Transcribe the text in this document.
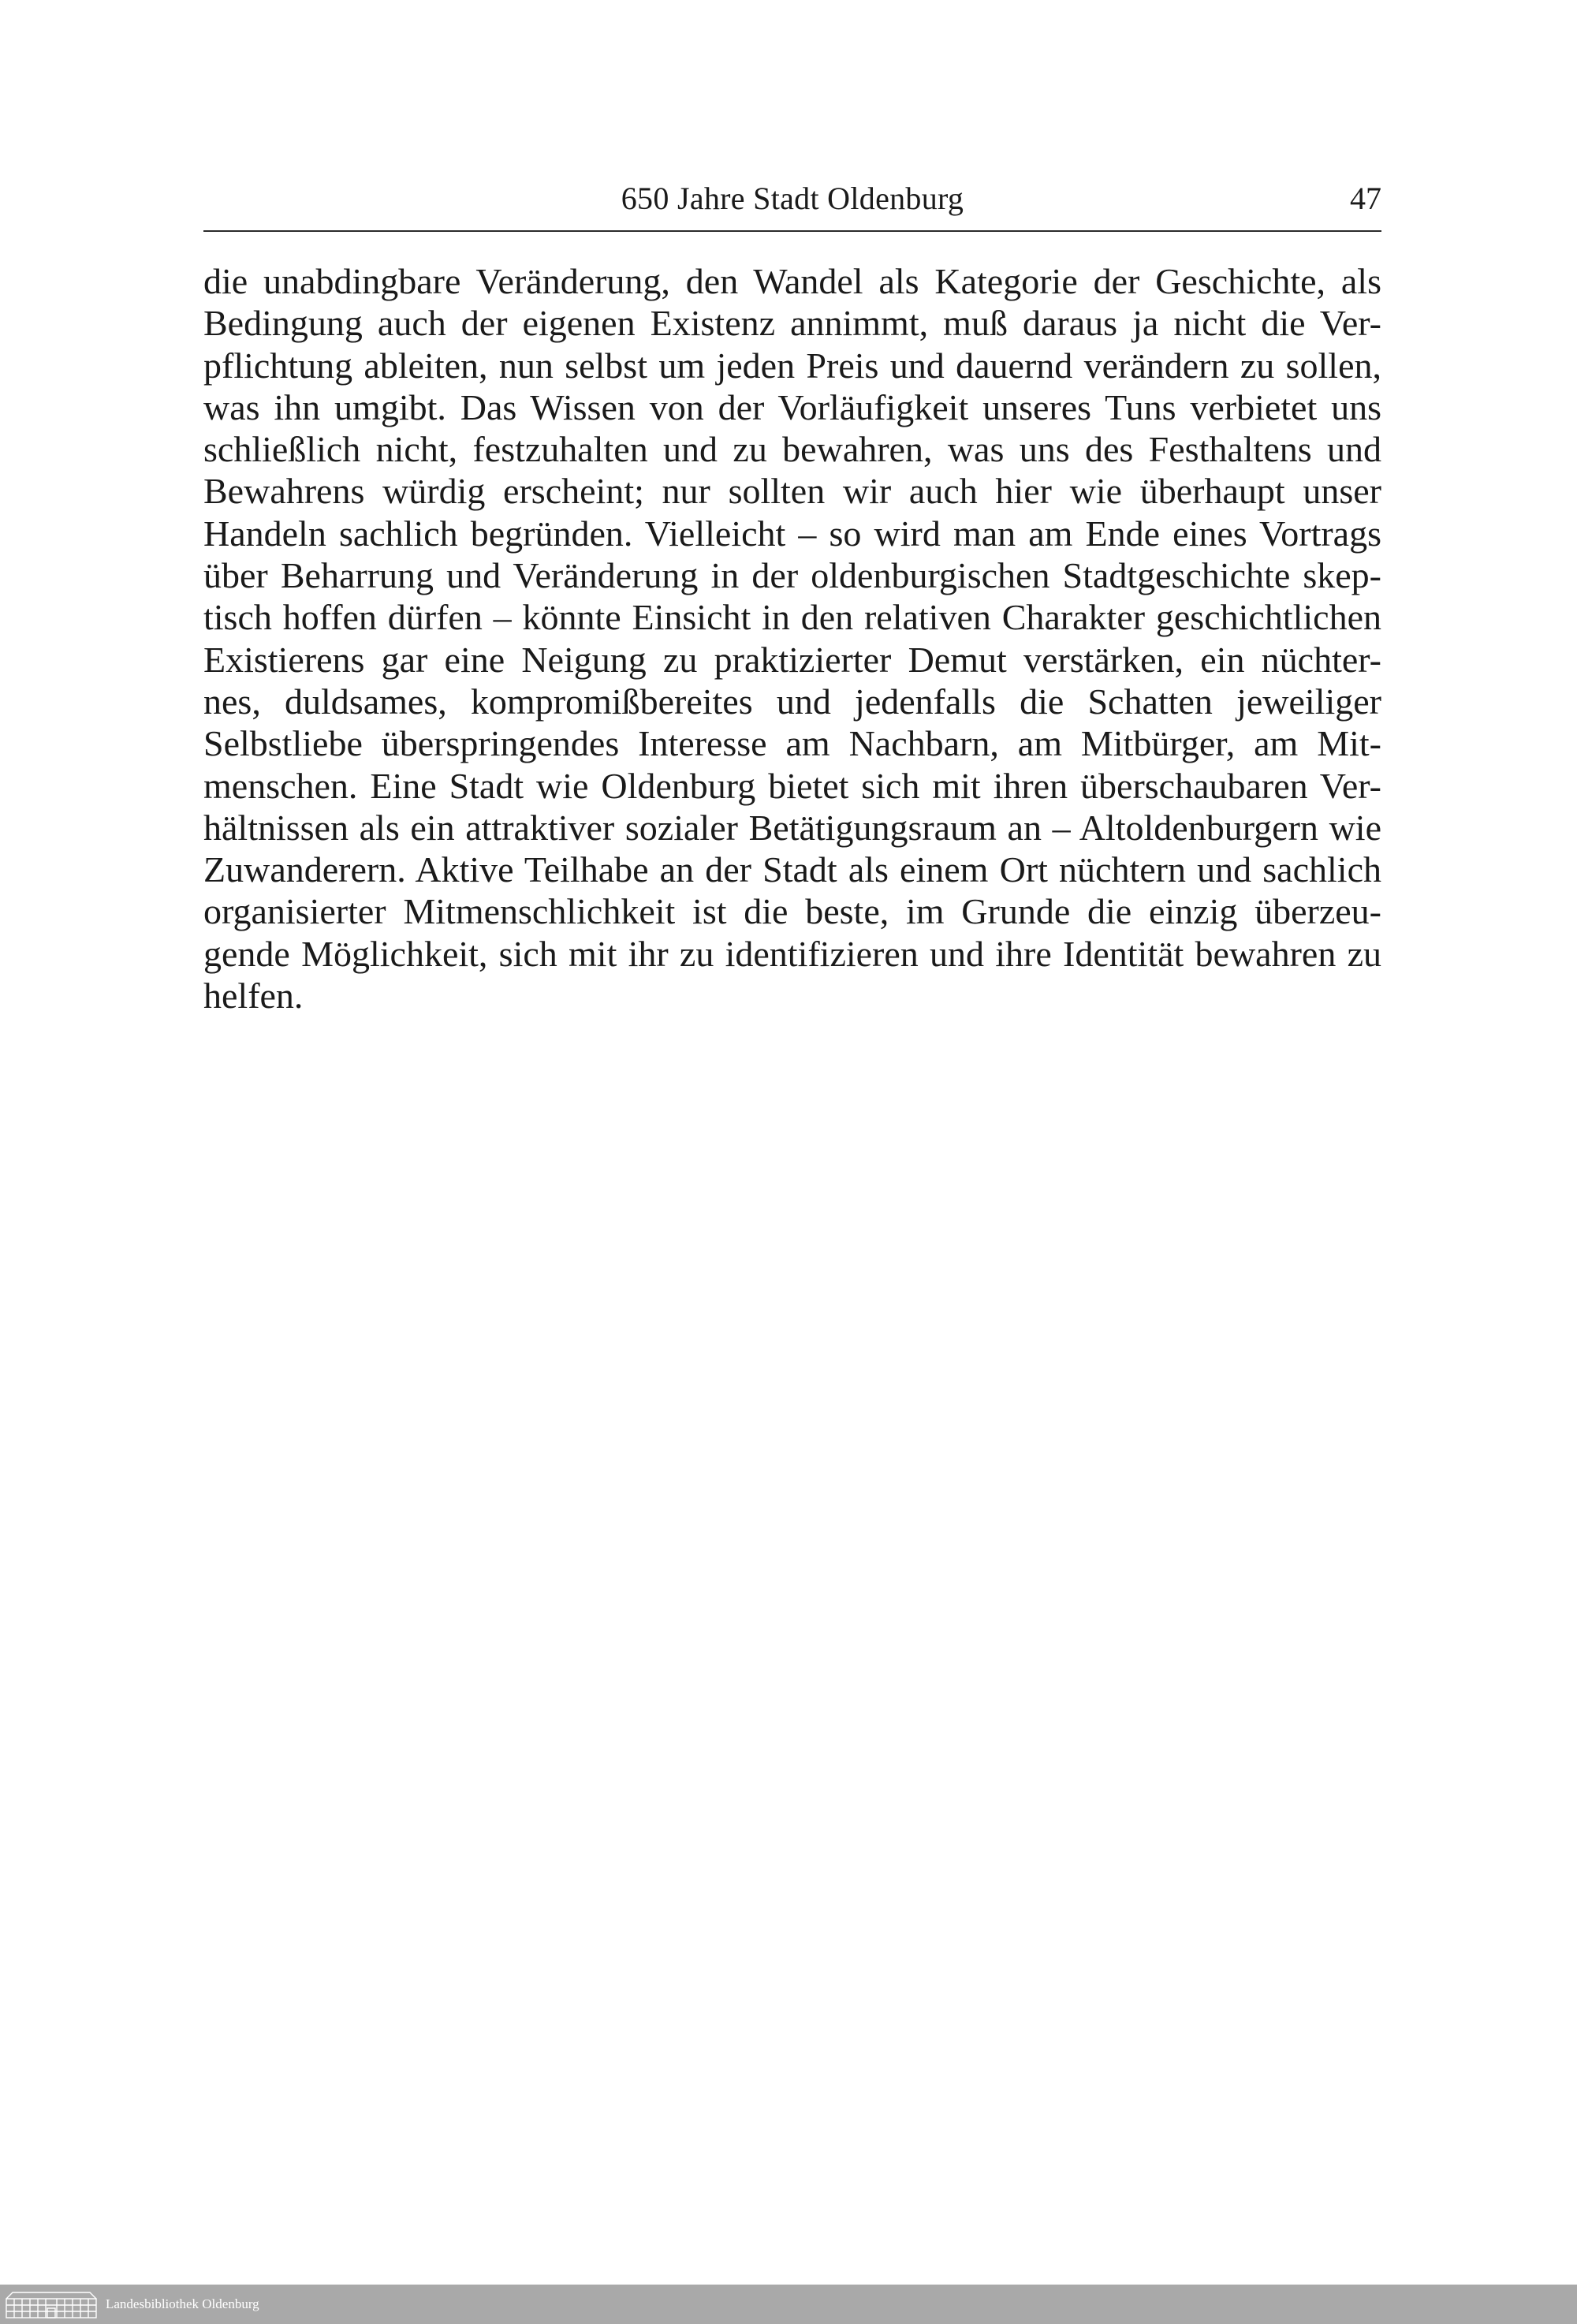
650 Jahre Stadt Oldenburg	47
die unabdingbare Veränderung, den Wandel als Kategorie der Geschichte, als
Bedingung auch der eigenen Existenz annimmt, muß daraus ja nicht die Ver-
pflichtung ableiten, nun selbst um jeden Preis und dauernd verändern zu sollen,
was ihn umgibt. Das Wissen von der Vorläufigkeit unseres Tuns verbietet uns
schließlich nicht, festzuhalten und zu bewahren, was uns des Festhaltens und
Bewahrens würdig erscheint; nur sollten wir auch hier wie überhaupt unser
Handeln sachlich begründen. Vielleicht – so wird man am Ende eines Vortrags
über Beharrung und Veränderung in der oldenburgischen Stadtgeschichte skep-
tisch hoffen dürfen – könnte Einsicht in den relativen Charakter geschichtlichen
Existierens gar eine Neigung zu praktizierter Demut verstärken, ein nüchter-
nes, duldsames, kompromißbereites und jedenfalls die Schatten jeweiliger
Selbstliebe überspringendes Interesse am Nachbarn, am Mitbürger, am Mit-
menschen. Eine Stadt wie Oldenburg bietet sich mit ihren überschaubaren Ver-
hältnissen als ein attraktiver sozialer Betätigungsraum an – Altoldenburgern wie
Zuwanderern. Aktive Teilhabe an der Stadt als einem Ort nüchtern und sachlich
organisierter Mitmenschlichkeit ist die beste, im Grunde die einzig überzeu-
gende Möglichkeit, sich mit ihr zu identifizieren und ihre Identität bewahren zu
helfen.
Landesbibliothek Oldenburg
